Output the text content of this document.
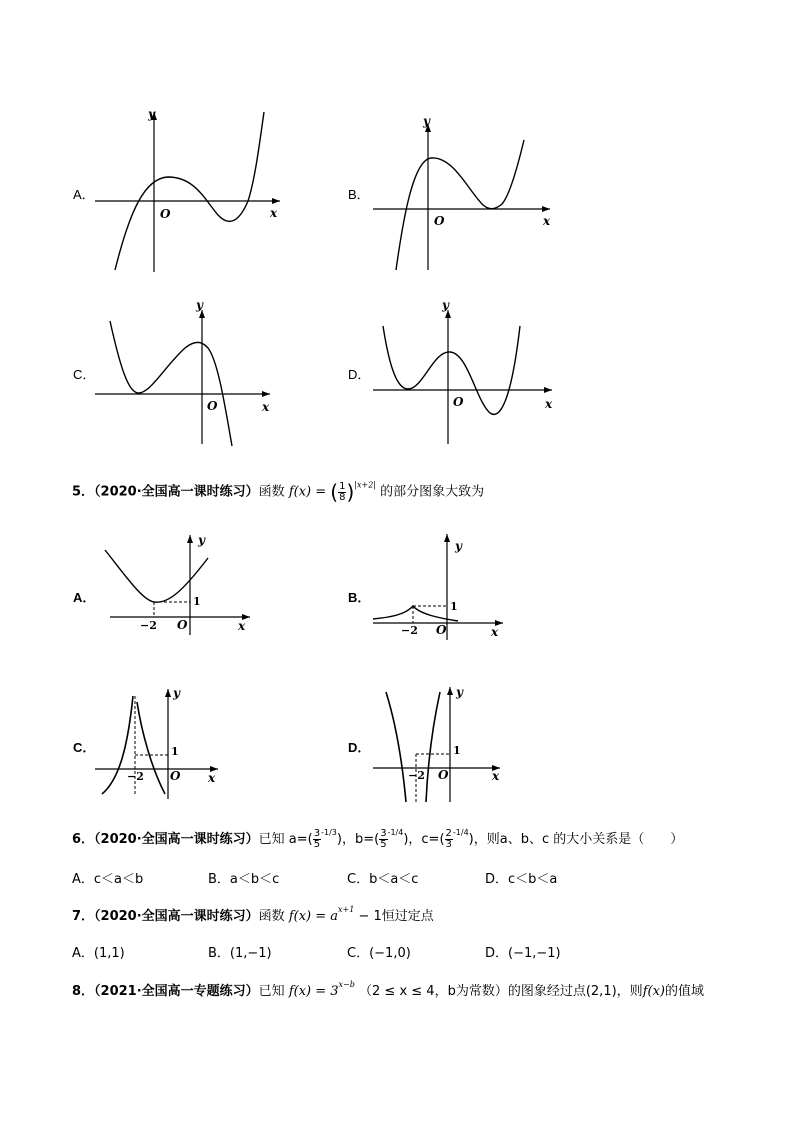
A．
O	x
y
B．
O	x
y
C．
O	x
y
D．
O	x
y
5．（2020·全国高一课时练习）函数 f(x) = ( $\frac{1}{8} )^{|x+2|}$ 的部分图象大致为
A．
−2
1
O	x
y
B．
−2
1
O	x
y
C．
−2
1
O x
y
D．
−2
1
O	x
y
6．（2020·全国高一课时练习）已知 $a=( \frac{3}{5} ^{-1/3})$，$b=( \frac{3}{5} ^{-1/4})$，$c=( \frac{2}{3} ^{-1/4})$，则a、b、c 的大小关系是（　　）
A．c＜a＜b	B．a＜b＜c	C．b＜a＜c	D．c＜b＜a
7．（2020·全国高一课时练习）函数 $f(x) = a^{x+1} - 1$恒过定点
A．(1,1)	B．(1,−1)	C．(−1,0)	D．(−1,−1)
8．（2021·全国高一专题练习）已知 $f(x) = 3^{x-b}$ （2 ≤ x ≤ 4，b为常数）的图象经过点(2,1)，则f(x)的值域
